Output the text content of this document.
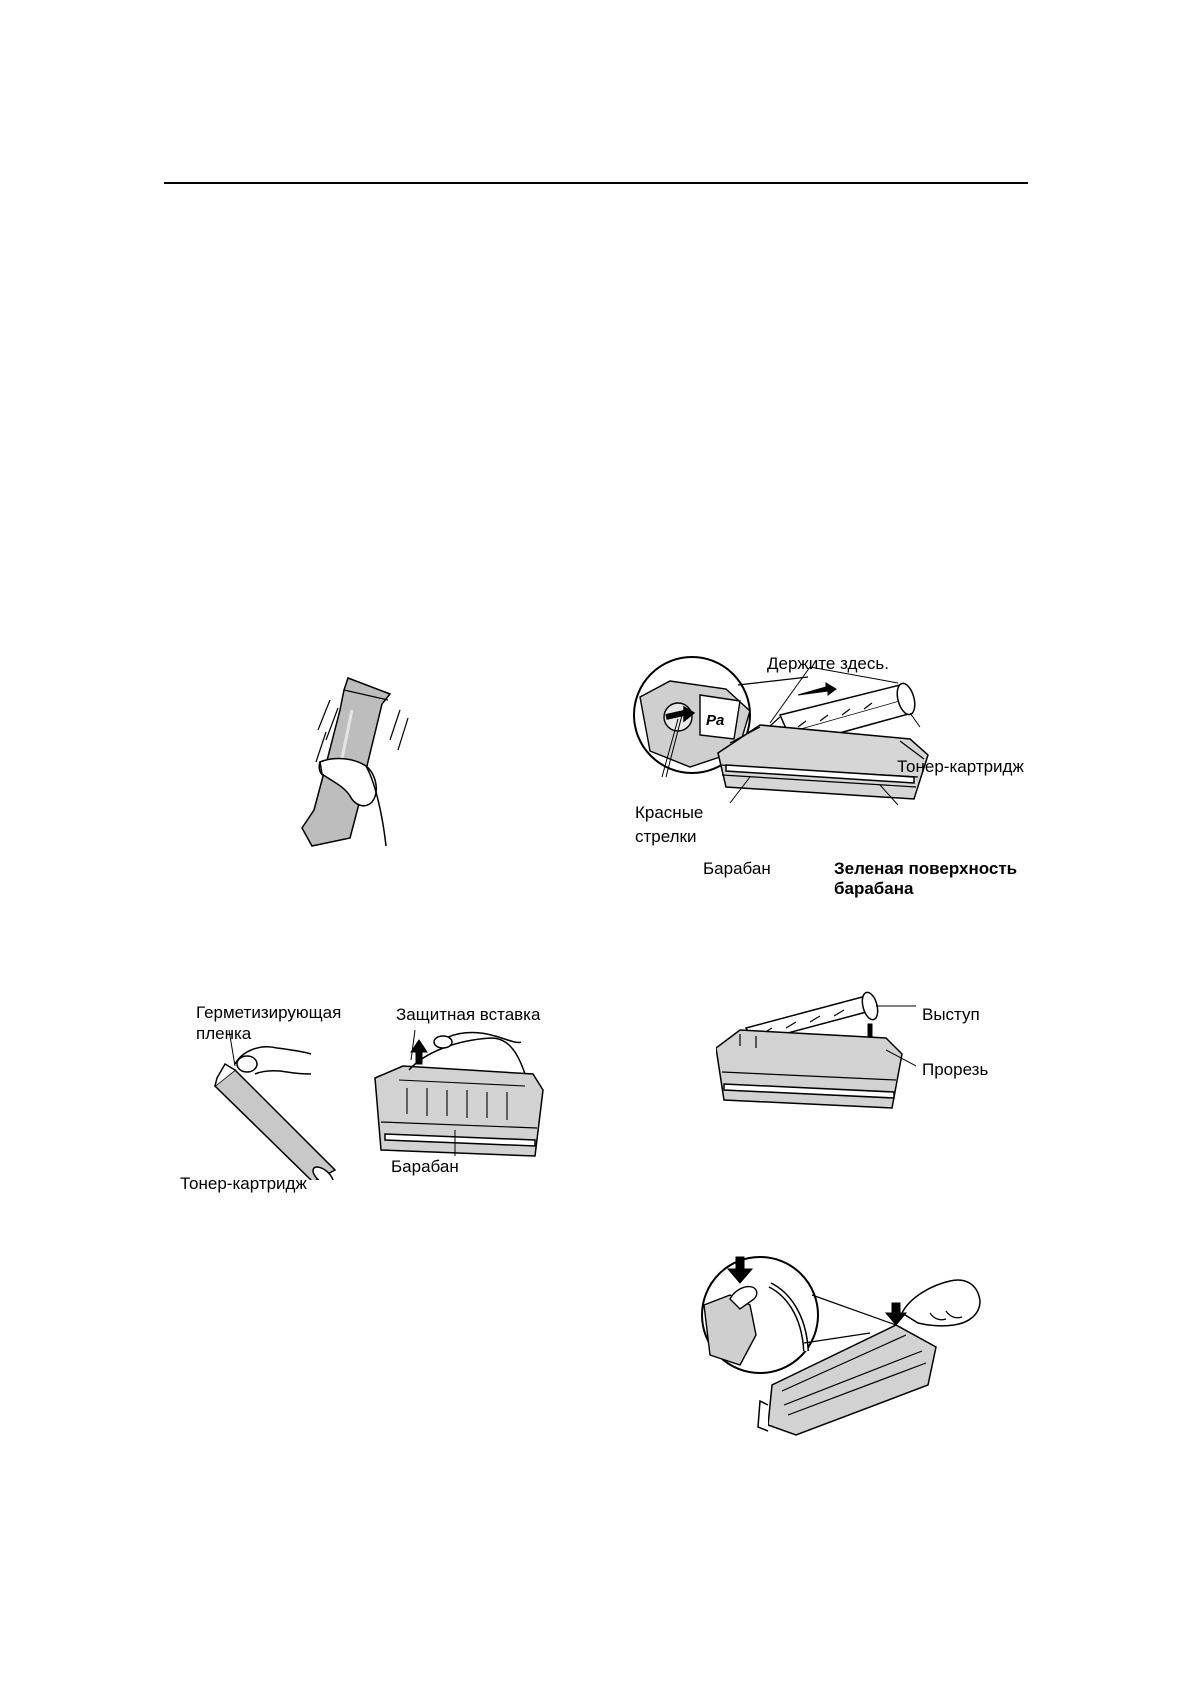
Pa
Держите здесь.
Тонер-картридж
Красные
стрелки
Барабан	Зеленая поверхность
барабана
Герметизирующая
пленка
Защитная вставка
Тонер-картридж
Барабан
Выступ
Прорезь
